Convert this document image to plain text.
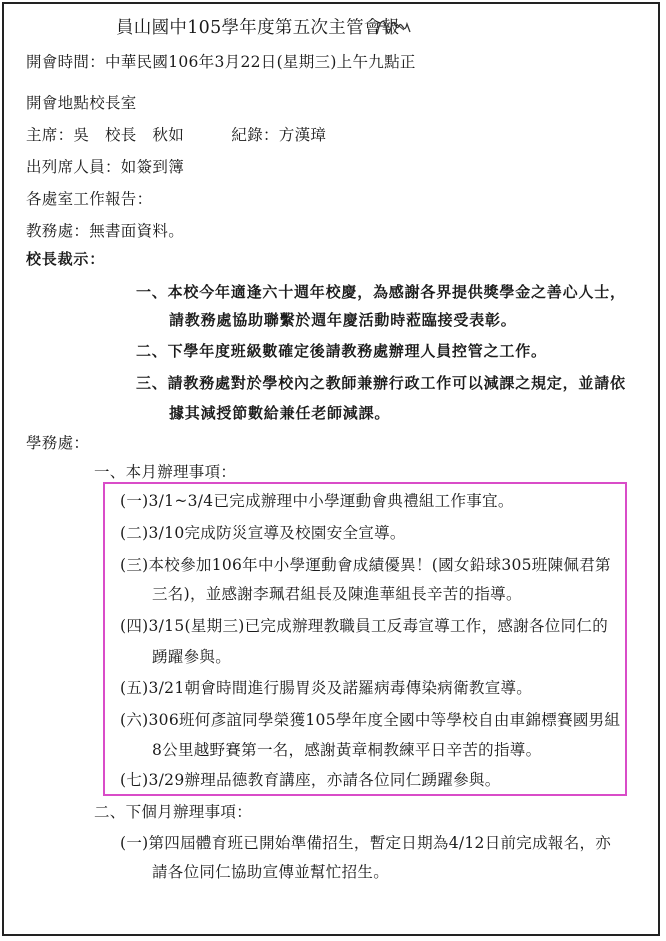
員山國中105學年度第五次主管會報
開會時間：中華民國106年3月22日(星期三)上午九點正
開會地點校長室
主席：吳　校長　秋如　　　紀錄：方漢璋
出列席人員：如簽到簿
各處室工作報告：
教務處：無書面資料。
校長裁示：
一、本校今年適逢六十週年校慶，為感謝各界提供獎學金之善心人士，
請教務處協助聯繫於週年慶活動時蒞臨接受表彰。
二、下學年度班級數確定後請教務處辦理人員控管之工作。
三、請教務處對於學校內之教師兼辦行政工作可以減課之規定，並請依
據其減授節數給兼任老師減課。
學務處：
一、本月辦理事項：
(一)3/1~3/4已完成辦理中小學運動會典禮組工作事宜。
(二)3/10完成防災宣導及校園安全宣導。
(三)本校參加106年中小學運動會成績優異！(國女鉛球305班陳佩君第
三名)，並感謝李珮君組長及陳進華組長辛苦的指導。
(四)3/15(星期三)已完成辦理教職員工反毒宣導工作，感謝各位同仁的
踴躍參與。
(五)3/21朝會時間進行腸胃炎及諾羅病毒傳染病衛教宣導。
(六)306班何彥誼同學榮獲105學年度全國中等學校自由車錦標賽國男組
8公里越野賽第一名，感謝黃章桐教練平日辛苦的指導。
(七)3/29辦理品德教育講座，亦請各位同仁踴躍參與。
二、下個月辦理事項：
(一)第四屆體育班已開始準備招生，暫定日期為4/12日前完成報名，亦
請各位同仁協助宣傳並幫忙招生。
